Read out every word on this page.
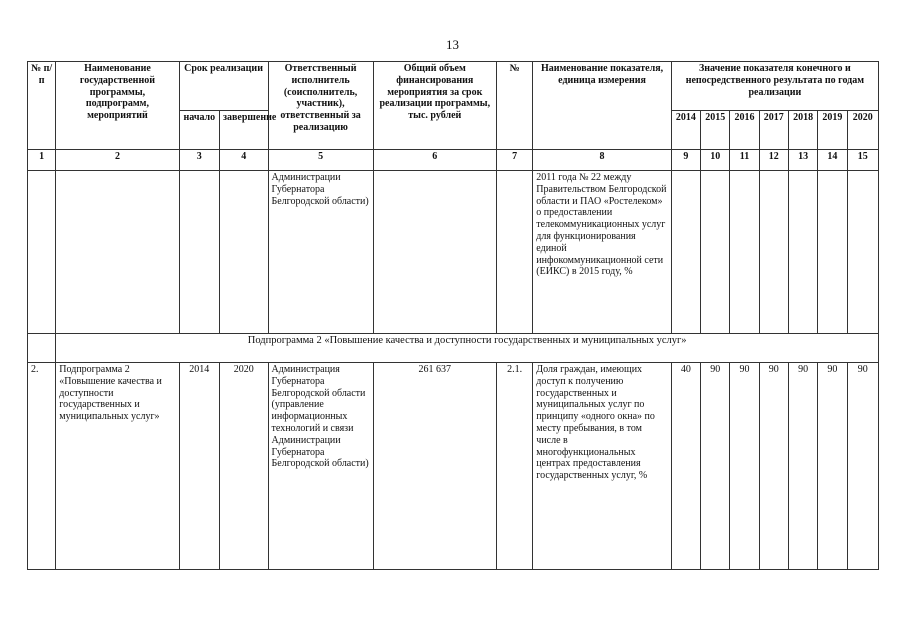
13
№ п/п	Наименование государственной программы, подпрограмм, мероприятий	Срок реализации		Ответственный исполнитель (соисполнитель, участник), ответственный за реализацию	Общий объем финансирования мероприятия за срок реализации программы, тыс. рублей	№	Наименование показателя, единица измерения	Значение показателя конечного и непосредственного результата по годам реализации						
		начало	завершение					2014	2015	2016	2017	2018	2019	2020
1	2	3	4	5	6	7	8	9	10	11	12	13	14	15
				Администрации Губернатора Белгородской области)			2011 года № 22 между Правительством Белгородской области и ПАО «Ростелеком» о предоставлении телекоммуникационных услуг для функционирования единой инфокоммуникационной сети (ЕИКС) в 2015 году, %							
	Подпрограмма 2 «Повышение качества и доступности государственных и муниципальных услуг»													
2.	Подпрограмма 2 «Повышение качества и доступности государственных и муниципальных услуг»	2014	2020	Администрация Губернатора Белгородской области (управление информационных технологий и связи Администрации Губернатора Белгородской области)	261 637	2.1.	Доля граждан, имеющих доступ к получению государственных и муниципальных услуг по принципу «одного окна» по месту пребывания, в том числе в многофункциональных центрах предоставления государственных услуг, %	40	90	90	90	90	90	90
